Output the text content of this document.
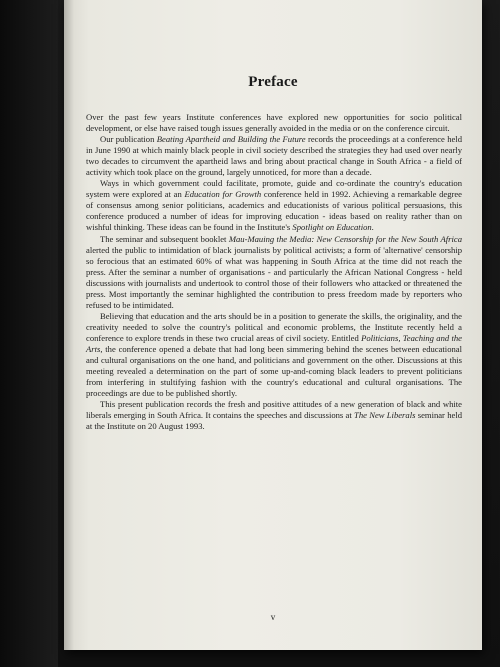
Preface

Over the past few years Institute conferences have explored new opportunities for socio political development, or else have raised tough issues generally avoided in the media or on the conference circuit.

Our publication Beating Apartheid and Building the Future records the proceedings at a conference held in June 1990 at which mainly black people in civil society described the strategies they had used over nearly two decades to circumvent the apartheid laws and bring about practical change in South Africa - a field of activity which took place on the ground, largely unnoticed, for more than a decade.

Ways in which government could facilitate, promote, guide and co-ordinate the country's education system were explored at an Education for Growth conference held in 1992. Achieving a remarkable degree of consensus among senior politicians, academics and educationists of various political persuasions, this conference produced a number of ideas for improving education - ideas based on reality rather than on wishful thinking. These ideas can be found in the Institute's Spotlight on Education.

The seminar and subsequent booklet Mau-Mauing the Media: New Censorship for the New South Africa alerted the public to intimidation of black journalists by political activists; a form of 'alternative' censorship so ferocious that an estimated 60% of what was happening in South Africa at the time did not reach the press. After the seminar a number of organisations - and particularly the African National Congress - held discussions with journalists and undertook to control those of their followers who attacked or threatened the press. Most importantly the seminar highlighted the contribution to press freedom made by reporters who refused to be intimidated.

Believing that education and the arts should be in a position to generate the skills, the originality, and the creativity needed to solve the country's political and economic problems, the Institute recently held a conference to explore trends in these two crucial areas of civil society. Entitled Politicians, Teaching and the Arts, the conference opened a debate that had long been simmering behind the scenes between educational and cultural organisations on the one hand, and politicians and government on the other. Discussions at this meeting revealed a determination on the part of some up-and-coming black leaders to prevent politicians from interfering in stultifying fashion with the country's educational and cultural organisations. The proceedings are due to be published shortly.

This present publication records the fresh and positive attitudes of a new generation of black and white liberals emerging in South Africa. It contains the speeches and discussions at The New Liberals seminar held at the Institute on 20 August 1993.

v
